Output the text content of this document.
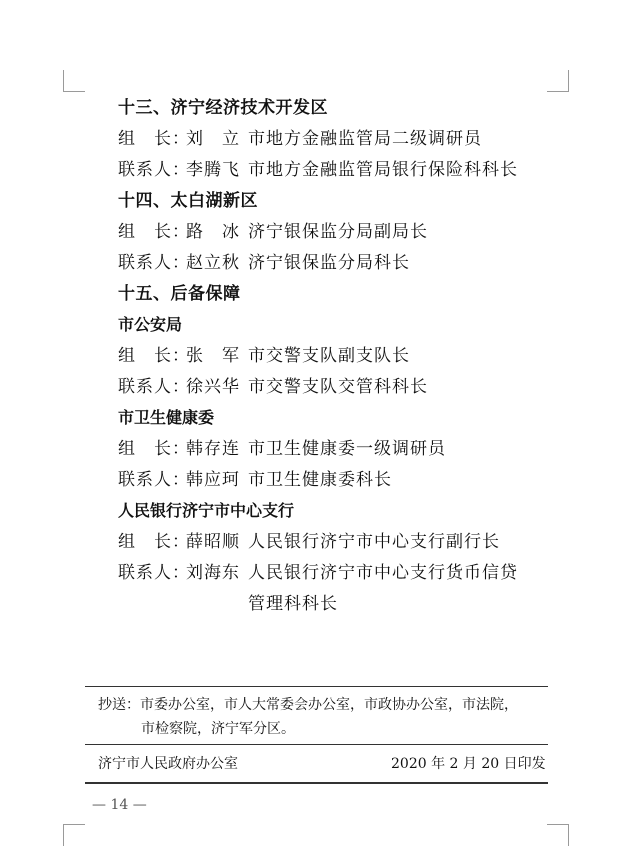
十三、济宁经济技术开发区
组　长：刘　立 市地方金融监管局二级调研员
联系人：李腾飞 市地方金融监管局银行保险科科长
十四、太白湖新区
组　长：路　冰 济宁银保监分局副局长
联系人：赵立秋 济宁银保监分局科长
十五、后备保障
市公安局
组　长：张　军 市交警支队副支队长
联系人：徐兴华 市交警支队交管科科长
市卫生健康委
组　长：韩存连 市卫生健康委一级调研员
联系人：韩应珂 市卫生健康委科长
人民银行济宁市中心支行
组　长：薛昭顺 人民银行济宁市中心支行副行长
联系人：刘海东 人民银行济宁市中心支行货币信贷
管理科科长
抄送：市委办公室，市人大常委会办公室，市政协办公室，市法院，
市检察院，济宁军分区。
济宁市人民政府办公室	2020 年 2 月 20 日印发
— 14 —
